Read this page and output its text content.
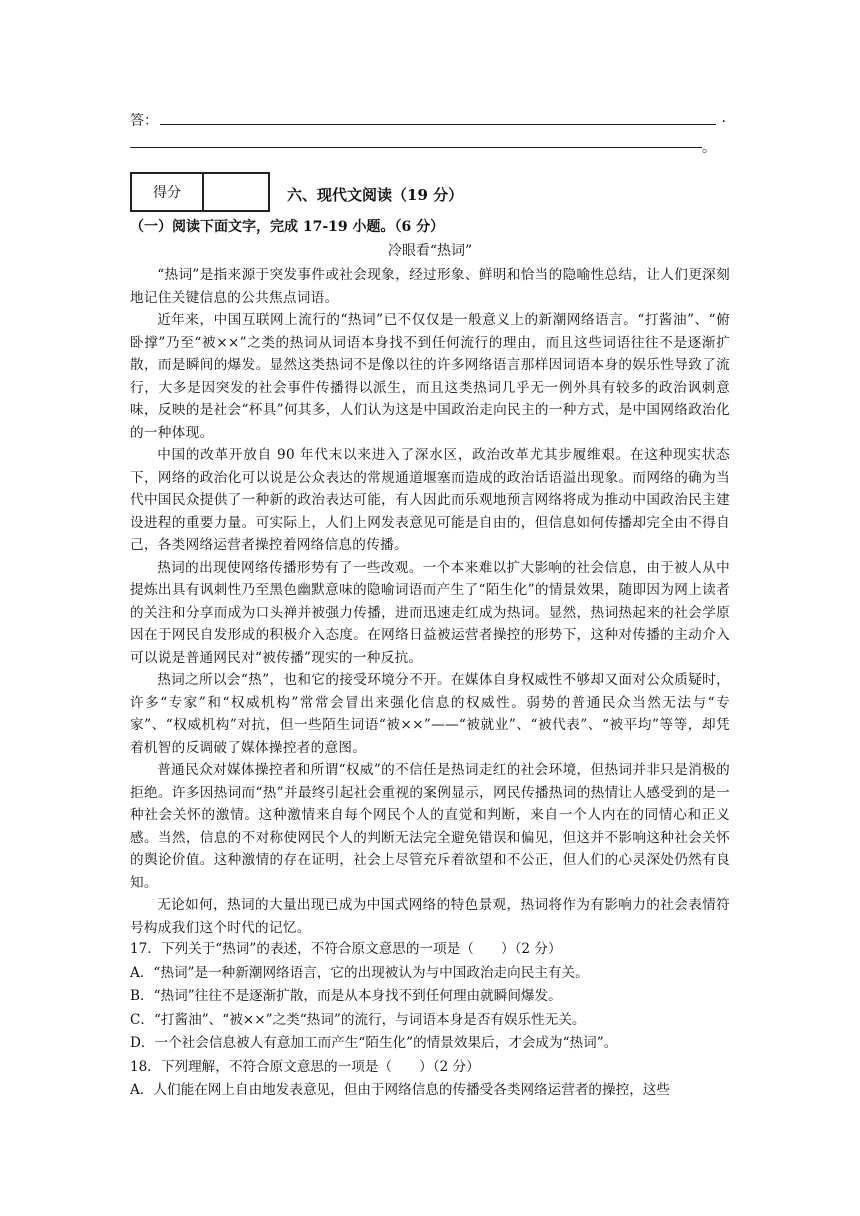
答：	.
。
得分	六、现代文阅读（19 分）
（一）阅读下面文字，完成 17-19 小题。（6 分）
冷眼看“热词”

“热词”是指来源于突发事件或社会现象，经过形象、鲜明和恰当的隐喻性总结，让人们更深刻地记住关键信息的公共焦点词语。

近年来，中国互联网上流行的“热词”已不仅仅是一般意义上的新潮网络语言。“打酱油”、“俯卧撑”乃至“被××”之类的热词从词语本身找不到任何流行的理由，而且这些词语往往不是逐渐扩散，而是瞬间的爆发。显然这类热词不是像以往的许多网络语言那样因词语本身的娱乐性导致了流行，大多是因突发的社会事件传播得以派生，而且这类热词几乎无一例外具有较多的政治讽刺意味，反映的是社会“杯具”何其多，人们认为这是中国政治走向民主的一种方式，是中国网络政治化的一种体现。

中国的改革开放自 90 年代末以来进入了深水区，政治改革尤其步履维艰。在这种现实状态下，网络的政治化可以说是公众表达的常规通道堰塞而造成的政治话语溢出现象。而网络的确为当代中国民众提供了一种新的政治表达可能，有人因此而乐观地预言网络将成为推动中国政治民主建设进程的重要力量。可实际上，人们上网发表意见可能是自由的，但信息如何传播却完全由不得自己，各类网络运营者操控着网络信息的传播。

热词的出现使网络传播形势有了一些改观。一个本来难以扩大影响的社会信息，由于被人从中提炼出具有讽刺性乃至黑色幽默意味的隐喻词语而产生了“陌生化”的情景效果，随即因为网上读者的关注和分享而成为口头禅并被强力传播，进而迅速走红成为热词。显然，热词热起来的社会学原因在于网民自发形成的积极介入态度。在网络日益被运营者操控的形势下，这种对传播的主动介入可以说是普通网民对“被传播”现实的一种反抗。

热词之所以会“热”，也和它的接受环境分不开。在媒体自身权威性不够却又面对公众质疑时，许多“专家”和“权威机构”常常会冒出来强化信息的权威性。弱势的普通民众当然无法与“专家”、“权威机构”对抗，但一些陌生词语“被××”——“被就业”、“被代表”、“被平均”等等，却凭着机智的反调破了媒体操控者的意图。

普通民众对媒体操控者和所谓“权威”的不信任是热词走红的社会环境，但热词并非只是消极的拒绝。许多因热词而“热”并最终引起社会重视的案例显示，网民传播热词的热情让人感受到的是一种社会关怀的激情。这种激情来自每个网民个人的直觉和判断，来自一个人内在的同情心和正义感。当然，信息的不对称使网民个人的判断无法完全避免错误和偏见，但这并不影响这种社会关怀的舆论价值。这种激情的存在证明，社会上尽管充斥着欲望和不公正，但人们的心灵深处仍然有良知。

无论如何，热词的大量出现已成为中国式网络的特色景观，热词将作为有影响力的社会表情符号构成我们这个时代的记忆。

17．下列关于“热词”的表述，不符合原文意思的一项是（　　）（2 分）
A．“热词”是一种新潮网络语言，它的出现被认为与中国政治走向民主有关。
B．“热词”往往不是逐渐扩散，而是从本身找不到任何理由就瞬间爆发。
C．“打酱油”、“被××”之类“热词”的流行，与词语本身是否有娱乐性无关。
D．一个社会信息被人有意加工而产生“陌生化”的情景效果后，才会成为“热词”。
18．下列理解，不符合原文意思的一项是（　　）（2 分）
A．人们能在网上自由地发表意见，但由于网络信息的传播受各类网络运营者的操控，这些
